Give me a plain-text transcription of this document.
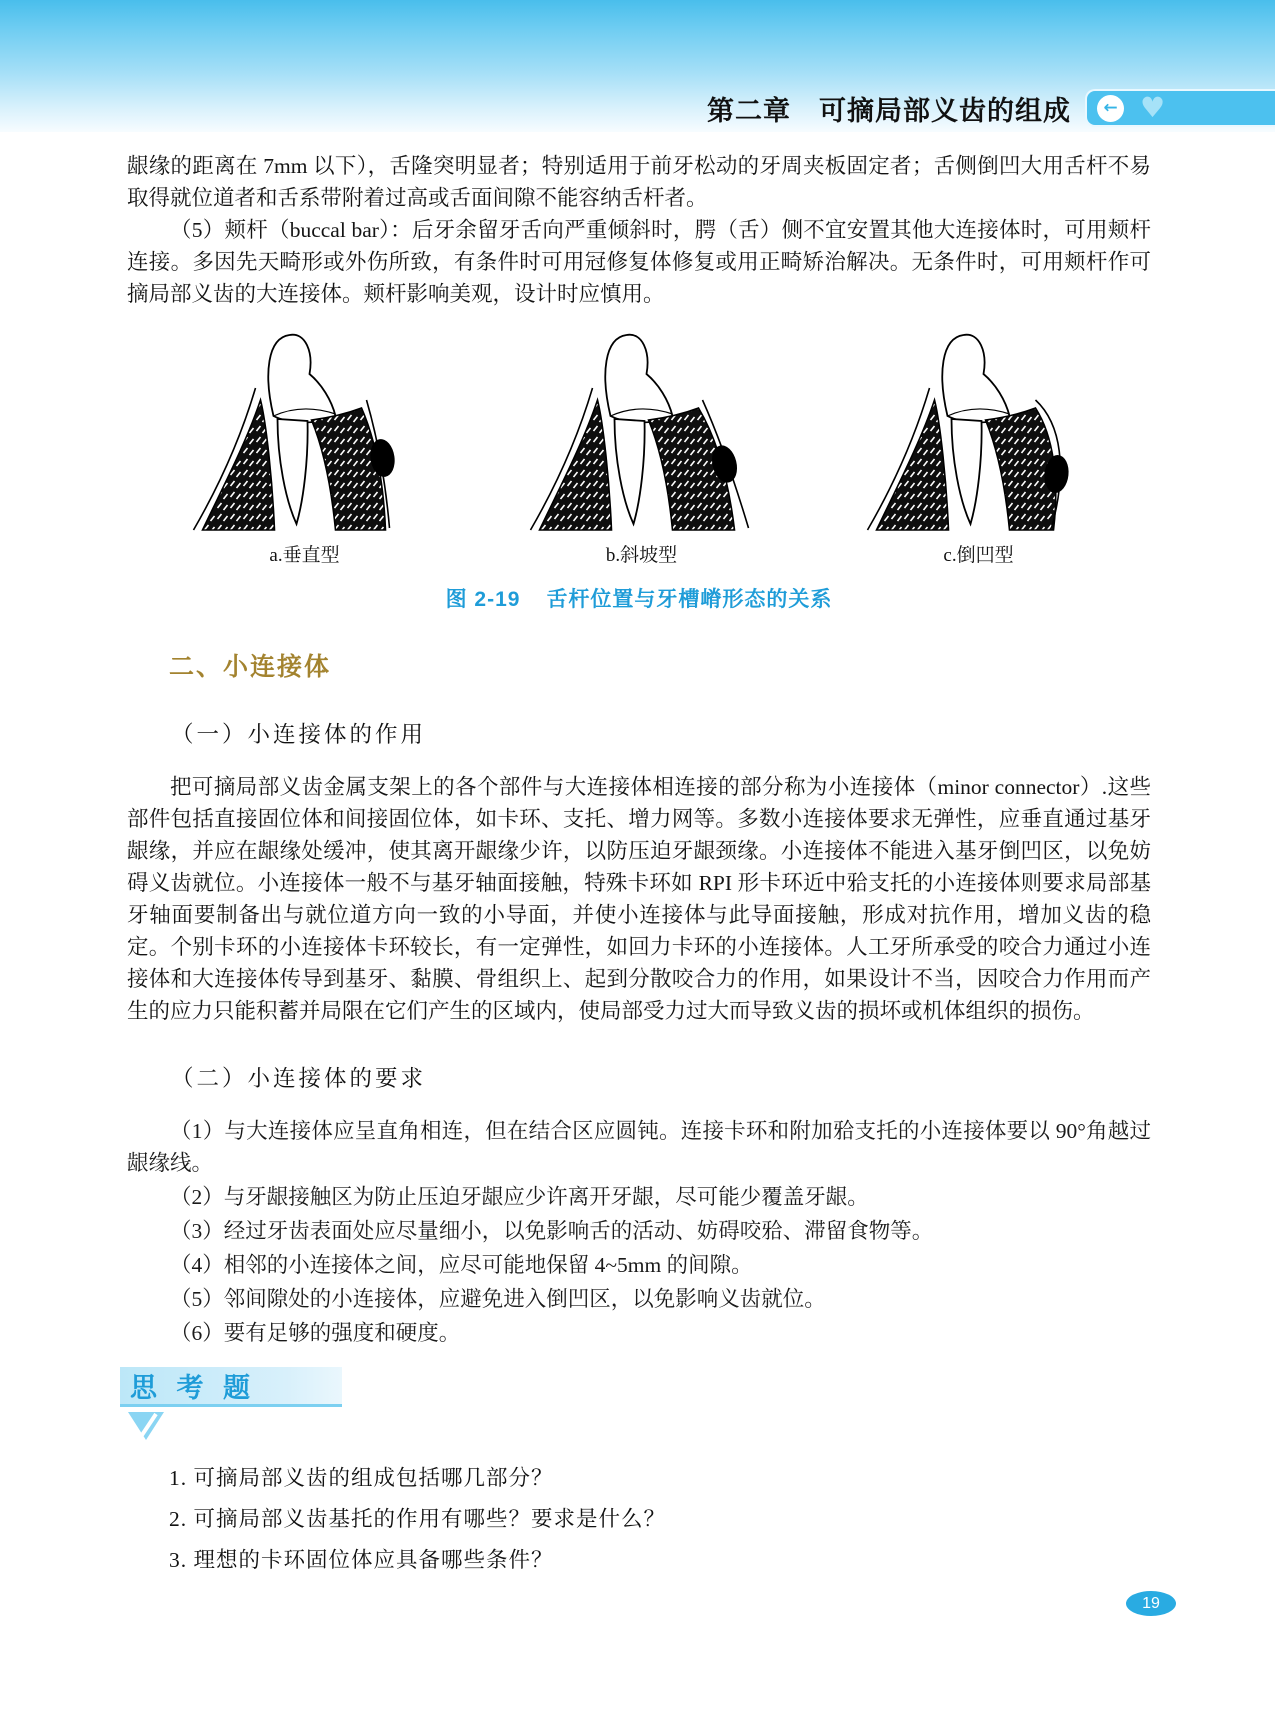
第二章　可摘局部义齿的组成	← ♥

龈缘的距离在 7mm 以下），舌隆突明显者；特别适用于前牙松动的牙周夹板固定者；舌侧倒凹大用舌杆不易取得就位道者和舌系带附着过高或舌面间隙不能容纳舌杆者。

（5）颊杆（buccal bar）：后牙余留牙舌向严重倾斜时，腭（舌）侧不宜安置其他大连接体时，可用颊杆连接。多因先天畸形或外伤所致，有条件时可用冠修复体修复或用正畸矫治解决。无条件时，可用颊杆作可摘局部义齿的大连接体。颊杆影响美观，设计时应慎用。

a.垂直型	b.斜坡型	c.倒凹型
图 2-19 舌杆位置与牙槽嵴形态的关系
二、小连接体
（一）小连接体的作用

把可摘局部义齿金属支架上的各个部件与大连接体相连接的部分称为小连接体（minor connector）.这些部件包括直接固位体和间接固位体，如卡环、支托、增力网等。多数小连接体要求无弹性，应垂直通过基牙龈缘，并应在龈缘处缓冲，使其离开龈缘少许，以防压迫牙龈颈缘。小连接体不能进入基牙倒凹区，以免妨碍义齿就位。小连接体一般不与基牙轴面接触，特殊卡环如 RPI 形卡环近中𬌗支托的小连接体则要求局部基牙轴面要制备出与就位道方向一致的小导面，并使小连接体与此导面接触，形成对抗作用，增加义齿的稳定。个别卡环的小连接体卡环较长，有一定弹性，如回力卡环的小连接体。人工牙所承受的咬合力通过小连接体和大连接体传导到基牙、黏膜、骨组织上、起到分散咬合力的作用，如果设计不当，因咬合力作用而产生的应力只能积蓄并局限在它们产生的区域内，使局部受力过大而导致义齿的损坏或机体组织的损伤。

（二）小连接体的要求

（1）与大连接体应呈直角相连，但在结合区应圆钝。连接卡环和附加𬌗支托的小连接体要以 90°角越过龈缘线。

（2）与牙龈接触区为防止压迫牙龈应少许离开牙龈，尽可能少覆盖牙龈。

（3）经过牙齿表面处应尽量细小，以免影响舌的活动、妨碍咬𬌗、滞留食物等。

（4）相邻的小连接体之间，应尽可能地保留 4~5mm 的间隙。

（5）邻间隙处的小连接体，应避免进入倒凹区，以免影响义齿就位。

（6）要有足够的强度和硬度。

思 考 题

1. 可摘局部义齿的组成包括哪几部分？

2. 可摘局部义齿基托的作用有哪些？要求是什么？

3. 理想的卡环固位体应具备哪些条件？

19
